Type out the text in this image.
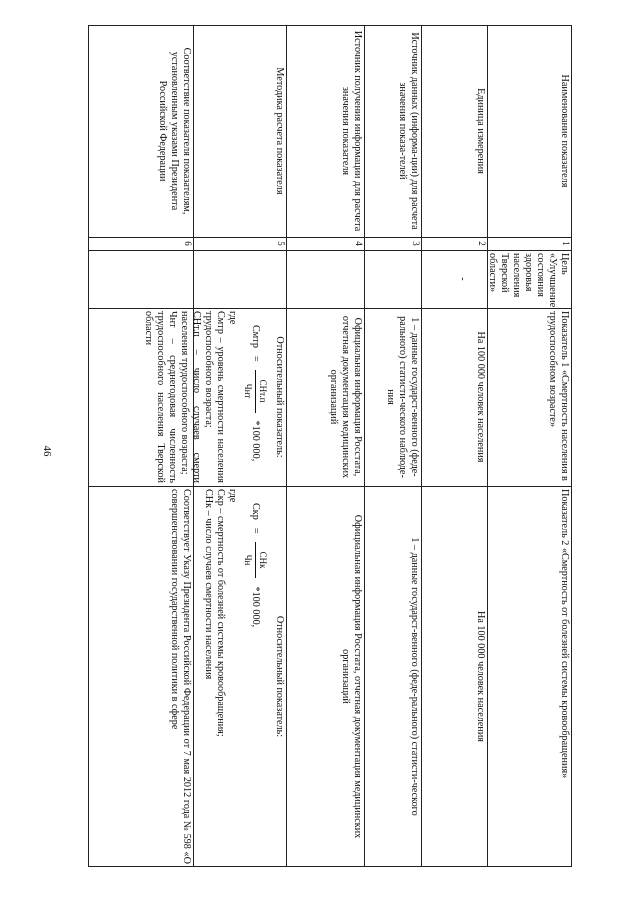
46
Наименование показателя
Единица измерения
Источник данных (информа-ции) для расчета значения показа-телей
Источник получения информации для расчета значения показателя
Методика расчета показателя
Соответствие показателя показателям, установленным указами Президента Российской Федерации
1
2
3
4
5
6
Цель «Улучшение состояния здоровья населения Тверской области»
-
Показатель 1 «Смертность населения в трудоспособном возрасте»
На 100 000 человек населения
1 – данные государст-венного (феде-рального) статисти-ческого наблюде-ния
Официальная информация Росстата, отчетная документация медицинских организаций
Относительный показатель:
Смтр
=
СНт.п
Чнт
*100 000,
где
Смтр – уровень смертности населения трудоспособного возраста;
СНт.п – число случаев смерти населения трудоспособного возраста;
Чнт – среднегодовая численность трудоспособного населения Тверской области
Показатель 2 «Смертность от болезней системы кровообращения»
На 100 000 человек населения
1 – данные государст-венного (феде-рального) статисти-ческого
Официальная информация Росстата, отчетная документация медицинских организаций
Относительный показатель:
Скр
=
СНк
Чн
*100 000,
где
Скр – смертность от болезней системы кровообращения;
СНк – число случаев смертности населения
Соответствует Указу Президента Российской Федерации от 7 мая 2012 года № 598 «О совершенствовании государственной политики в сфере
